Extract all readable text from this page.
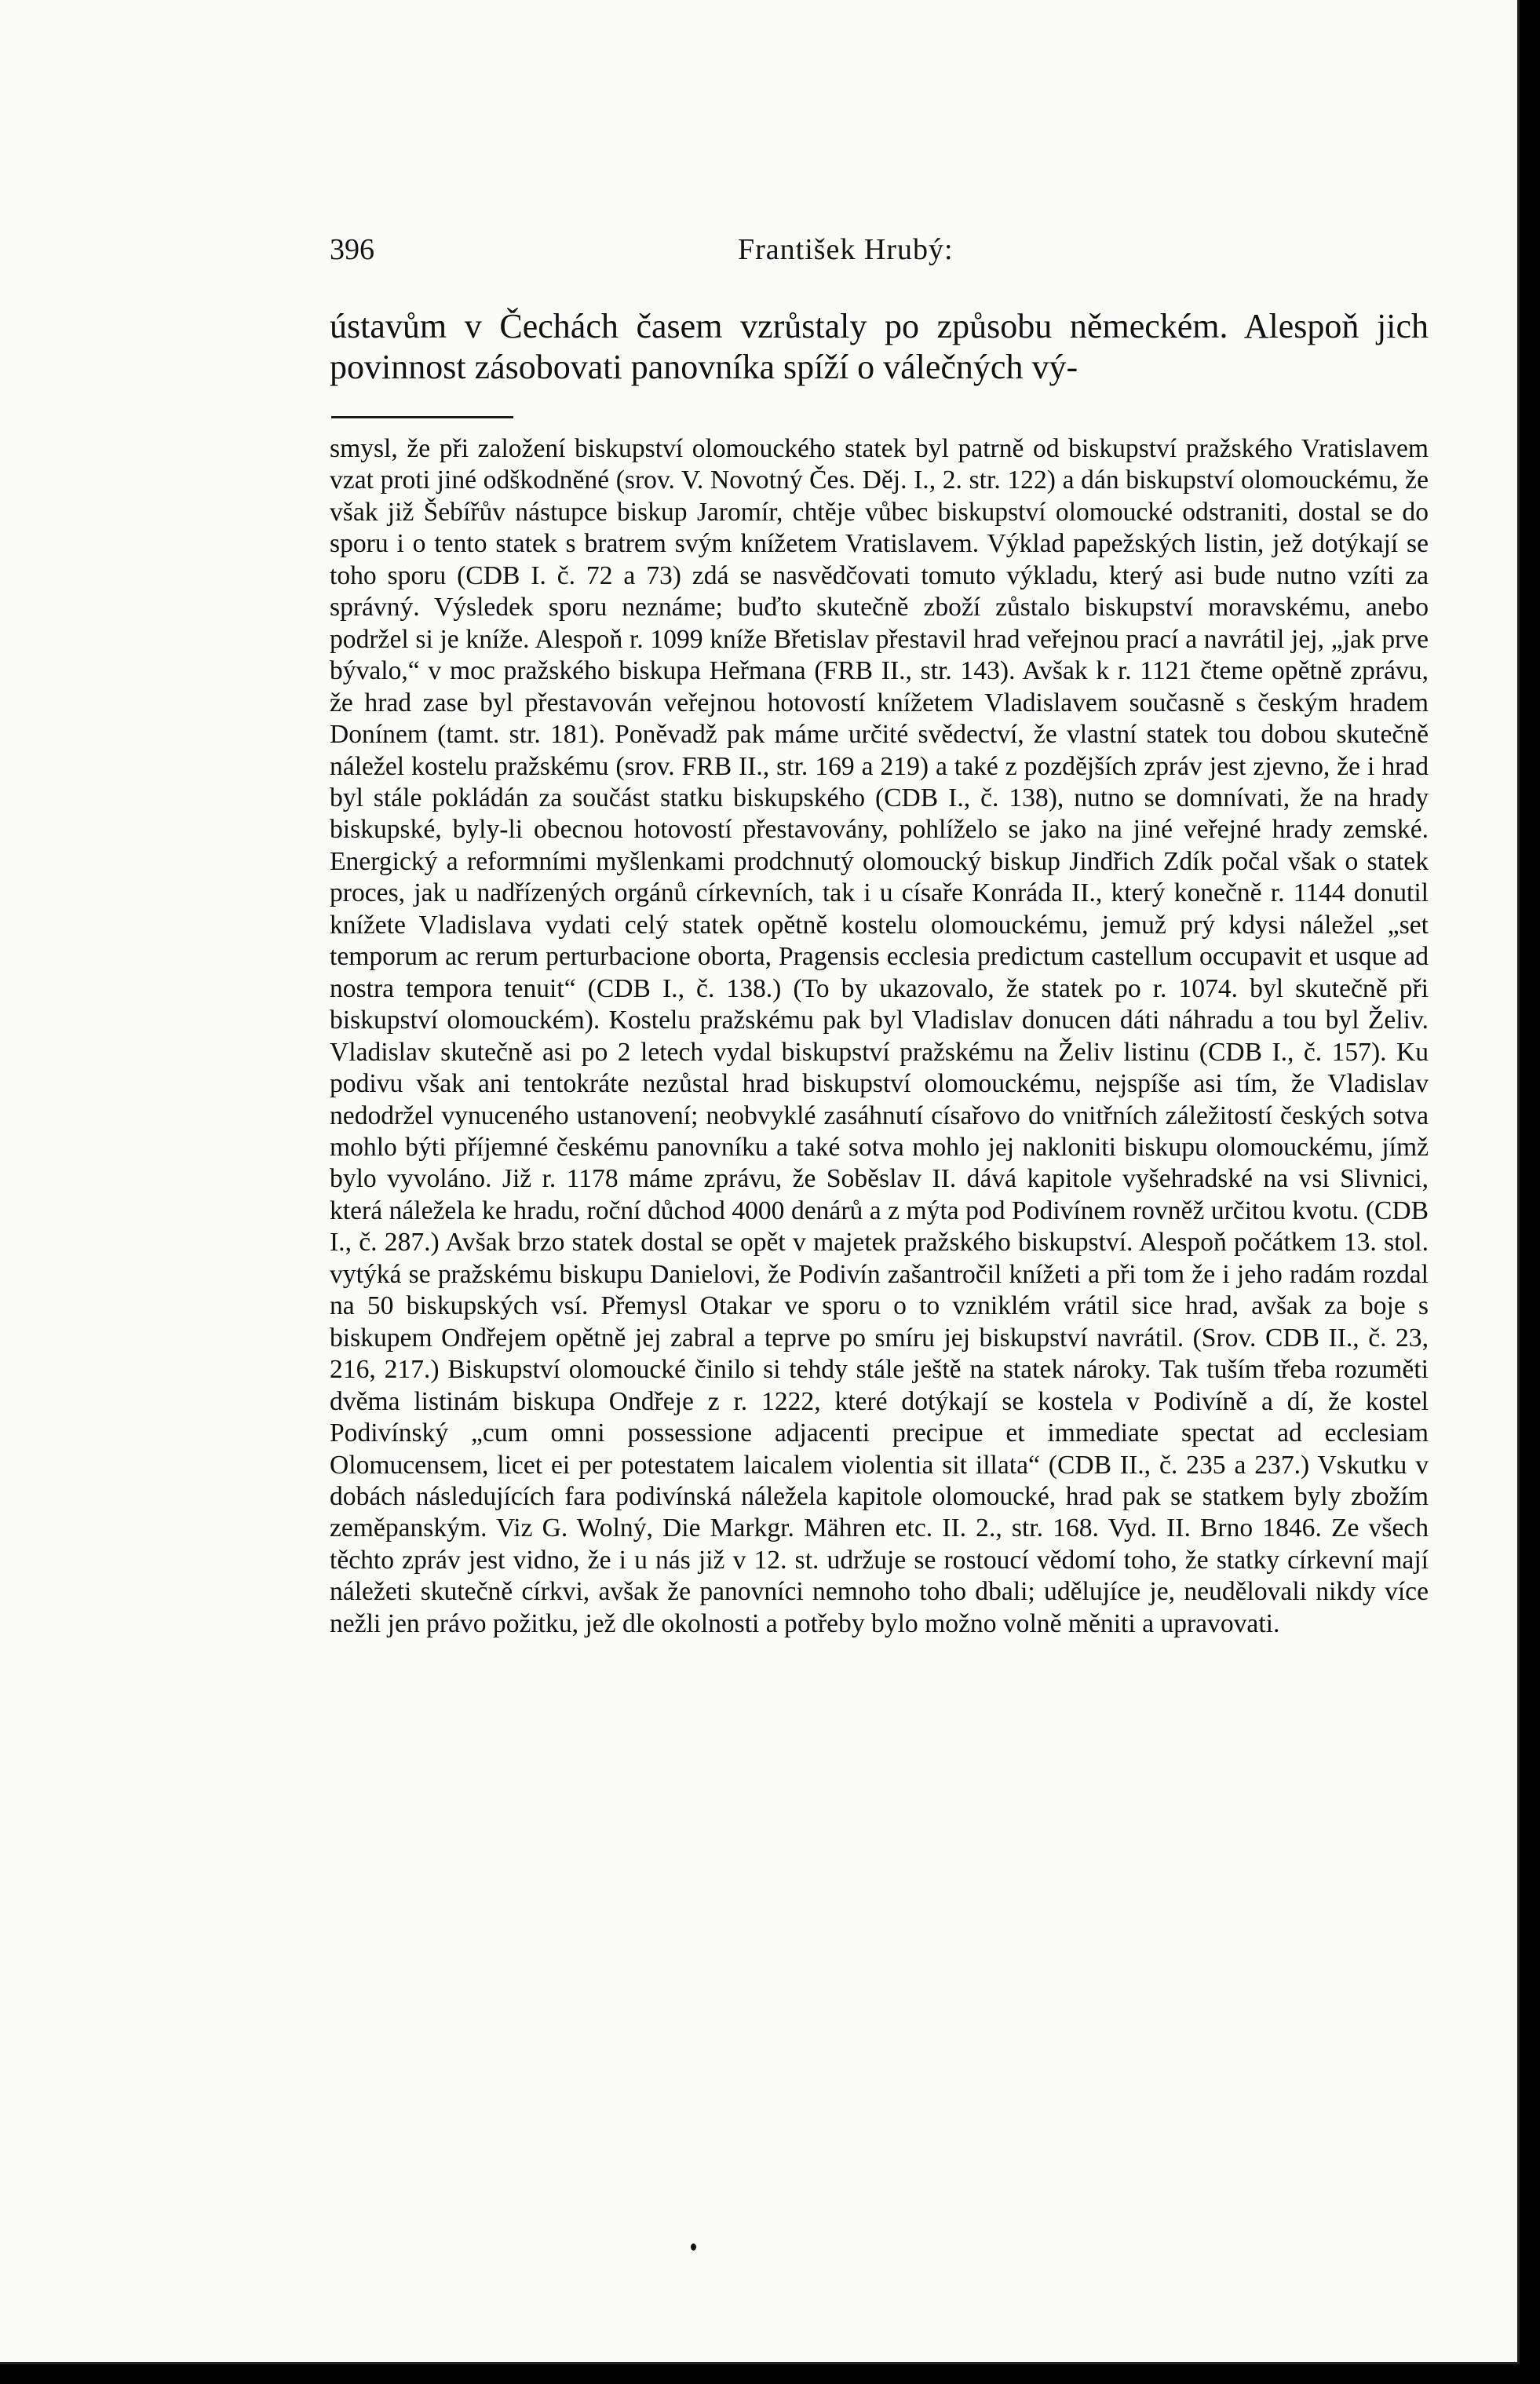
396	František Hrubý:

ústavům v Čechách časem vzrůstaly po způsobu německém. Alespoň jich povinnost zásobovati panovníka spíží o válečných vý-

smysl, že při založení biskupství olomouckého statek byl patrně od biskupství pražského Vratislavem vzat proti jiné odškodněné (srov. V. Novotný Čes. Děj. I., 2. str. 122) a dán biskupství olomouckému, že však již Šebířův nástupce biskup Jaromír, chtěje vůbec biskupství olomoucké odstraniti, dostal se do sporu i o tento statek s bratrem svým knížetem Vratislavem. Výklad papežských listin, jež dotýkají se toho sporu (CDB I. č. 72 a 73) zdá se nasvědčovati tomuto výkladu, který asi bude nutno vzíti za správný. Výsledek sporu neznáme; buďto skutečně zboží zůstalo biskupství moravskému, anebo podržel si je kníže. Alespoň r. 1099 kníže Břetislav přestavil hrad veřejnou prací a navrátil jej, „jak prve bývalo,“ v moc pražského biskupa Heřmana (FRB II., str. 143). Avšak k r. 1121 čteme opětně zprávu, že hrad zase byl přestavován veřejnou hotovostí knížetem Vladislavem současně s českým hradem Donínem (tamt. str. 181). Poněvadž pak máme určité svědectví, že vlastní statek tou dobou skutečně náležel kostelu pražskému (srov. FRB II., str. 169 a 219) a také z pozdějších zpráv jest zjevno, že i hrad byl stále pokládán za součást statku biskupského (CDB I., č. 138), nutno se domnívati, že na hrady biskupské, byly-li obecnou hotovostí přestavovány, pohlíželo se jako na jiné veřejné hrady zemské. Energický a reformními myšlenkami prodchnutý olomoucký biskup Jindřich Zdík počal však o statek proces, jak u nadřízených orgánů církevních, tak i u císaře Konráda II., který konečně r. 1144 donutil knížete Vladislava vydati celý statek opětně kostelu olomouckému, jemuž prý kdysi náležel „set temporum ac rerum perturbacione oborta, Pragensis ecclesia predictum castellum occupavit et usque ad nostra tempora tenuit“ (CDB I., č. 138.) (To by ukazovalo, že statek po r. 1074. byl skutečně při biskupství olomouckém). Kostelu pražskému pak byl Vladislav donucen dáti náhradu a tou byl Želiv. Vladislav skutečně asi po 2 letech vydal biskupství pražskému na Želiv listinu (CDB I., č. 157). Ku podivu však ani tentokráte nezůstal hrad biskupství olomouckému, nejspíše asi tím, že Vladislav nedodržel vynuceného ustanovení; neobvyklé zasáhnutí císařovo do vnitřních záležitostí českých sotva mohlo býti příjemné českému panovníku a také sotva mohlo jej nakloniti biskupu olomouckému, jímž bylo vyvoláno. Již r. 1178 máme zprávu, že Soběslav II. dává kapitole vyšehradské na vsi Slivnici, která náležela ke hradu, roční důchod 4000 denárů a z mýta pod Podivínem rovněž určitou kvotu. (CDB I., č. 287.) Avšak brzo statek dostal se opět v majetek pražského biskupství. Alespoň počátkem 13. stol. vytýká se pražskému biskupu Danielovi, že Podivín zašantročil knížeti a při tom že i jeho radám rozdal na 50 biskupských vsí. Přemysl Otakar ve sporu o to vzniklém vrátil sice hrad, avšak za boje s biskupem Ondřejem opětně jej zabral a teprve po smíru jej biskupství navrátil. (Srov. CDB II., č. 23, 216, 217.) Biskupství olomoucké činilo si tehdy stále ještě na statek nároky. Tak tuším třeba rozuměti dvěma listinám biskupa Ondřeje z r. 1222, které dotýkají se kostela v Podivíně a dí, že kostel Podivínský „cum omni possessione adjacenti precipue et immediate spectat ad ecclesiam Olomucensem, licet ei per potestatem laicalem violentia sit illata“ (CDB II., č. 235 a 237.) Vskutku v dobách následujících fara podivínská náležela kapitole olomoucké, hrad pak se statkem byly zbožím zeměpanským. Viz G. Wolný, Die Markgr. Mähren etc. II. 2., str. 168. Vyd. II. Brno 1846. Ze všech těchto zpráv jest vidno, že i u nás již v 12. st. udržuje se rostoucí vědomí toho, že statky církevní mají náležeti skutečně církvi, avšak že panovníci nemnoho toho dbali; udělujíce je, neudělovali nikdy více nežli jen právo požitku, jež dle okolnosti a potřeby bylo možno volně měniti a upravovati.
